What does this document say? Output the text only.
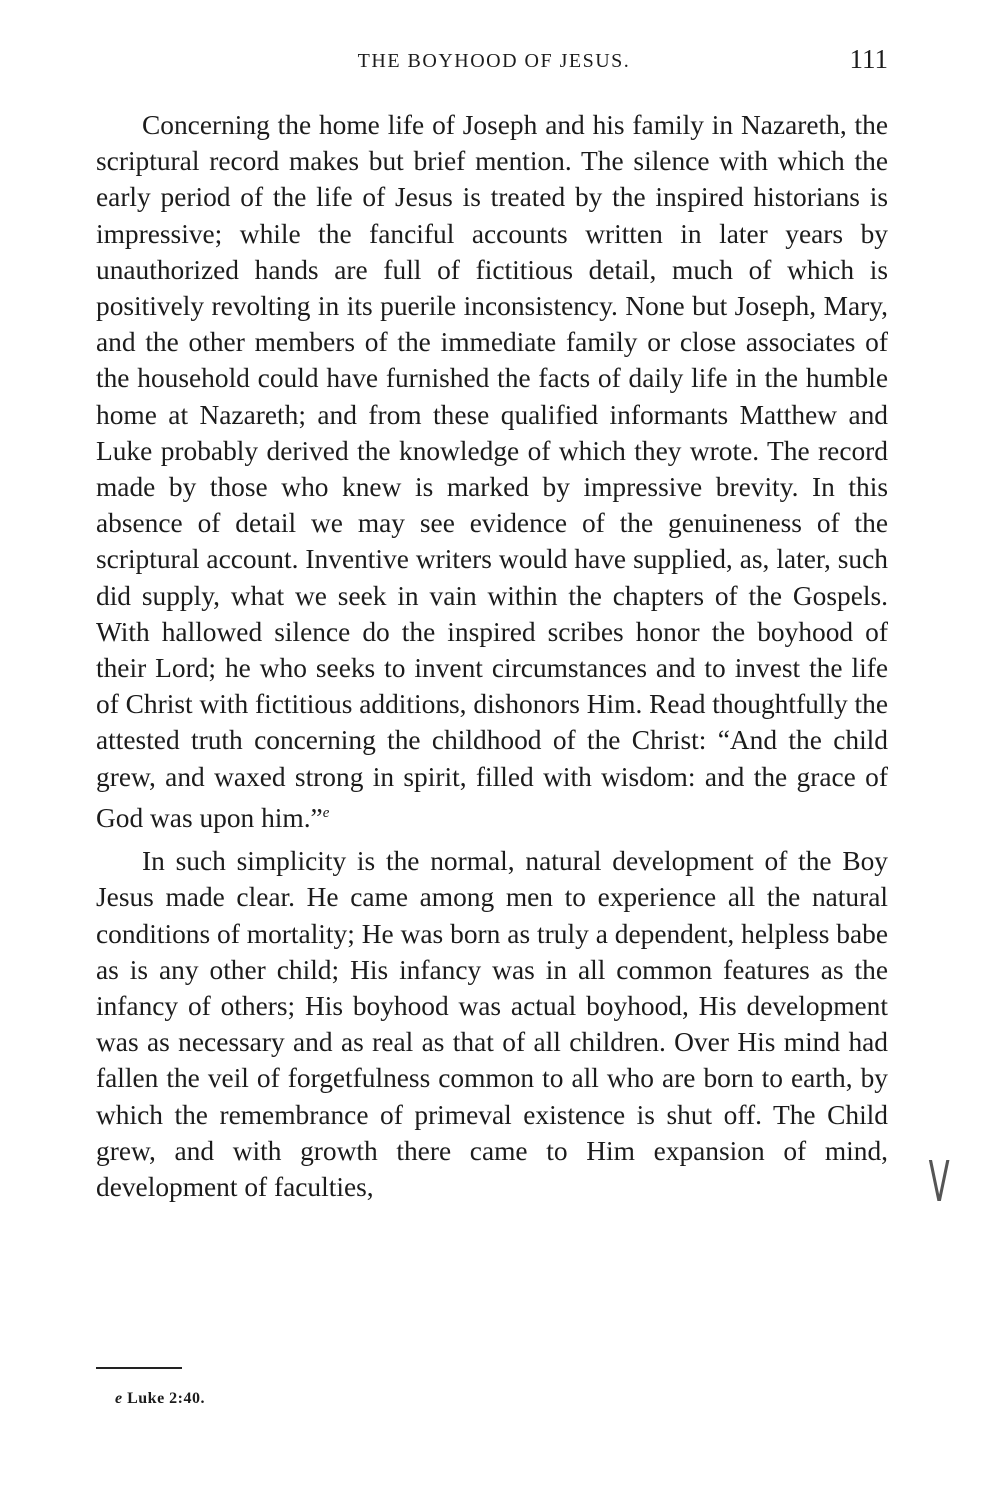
THE BOYHOOD OF JESUS.	111

Concerning the home life of Joseph and his family in Nazareth, the scriptural record makes but brief mention. The silence with which the early period of the life of Jesus is treated by the inspired historians is impressive; while the fanciful accounts written in later years by unauthorized hands are full of fictitious detail, much of which is positively revolting in its puerile inconsistency. None but Joseph, Mary, and the other members of the immediate family or close associates of the household could have furnished the facts of daily life in the humble home at Nazareth; and from these qualified informants Matthew and Luke probably derived the knowledge of which they wrote. The record made by those who knew is marked by impressive brevity. In this absence of detail we may see evidence of the genuineness of the scriptural account. Inventive writers would have supplied, as, later, such did supply, what we seek in vain within the chapters of the Gospels. With hallowed silence do the inspired scribes honor the boyhood of their Lord; he who seeks to invent circumstances and to invest the life of Christ with fictitious additions, dishonors Him. Read thoughtfully the attested truth concerning the childhood of the Christ: “And the child grew, and waxed strong in spirit, filled with wisdom: and the grace of God was upon him.”$^e$

In such simplicity is the normal, natural development of the Boy Jesus made clear. He came among men to experience all the natural conditions of mortality; He was born as truly a dependent, helpless babe as is any other child; His infancy was in all common features as the infancy of others; His boyhood was actual boyhood, His development was as necessary and as real as that of all children. Over His mind had fallen the veil of forgetfulness common to all who are born to earth, by which the remembrance of primeval existence is shut off. The Child grew, and with growth there came to Him expansion of mind, development of faculties,	V
e Luke 2:40.
